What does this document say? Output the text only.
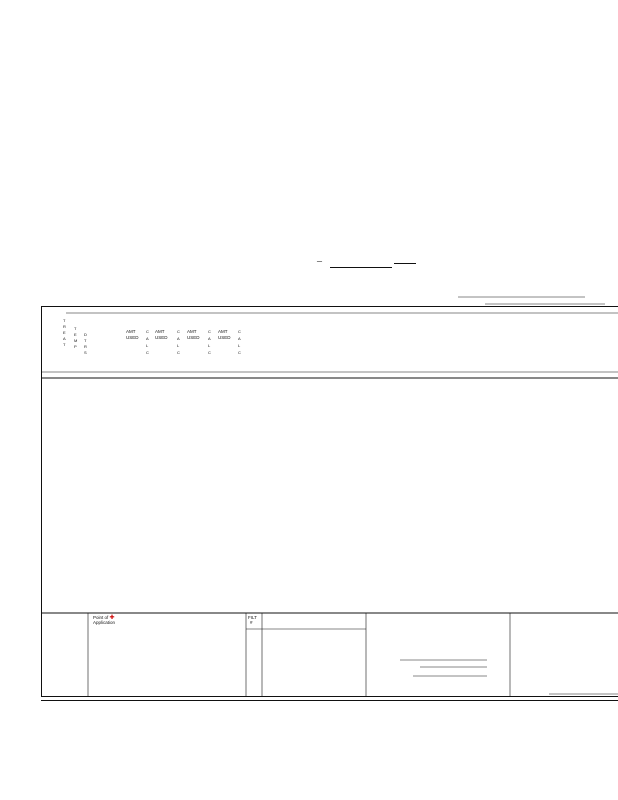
–
T
R
E
A
T
T
E
M
P
D
T
R
S
AMT
USED
AMT
USED
AMT
USED
AMT
USED
C
A
L
C
C
A
L
C
C
A
L
C
C
A
L
C
Point of ✚
Application
FILT
#
